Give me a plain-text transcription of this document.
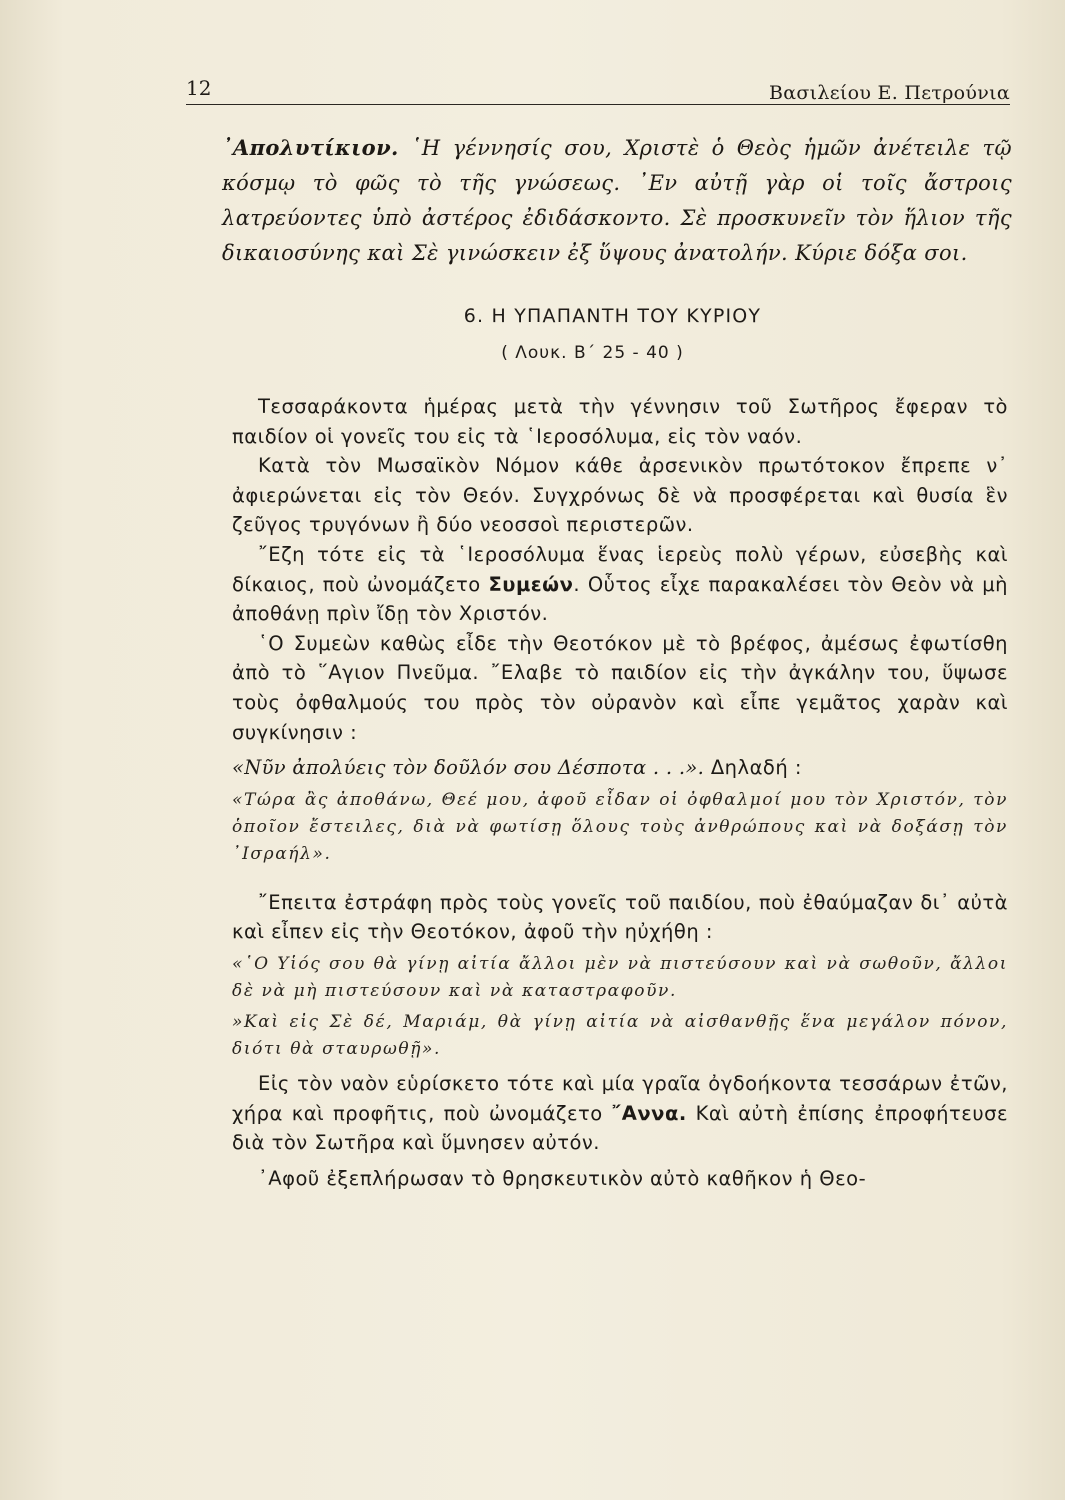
12	Βασιλείου Ε. Πετρούνια
᾿Απολυτίκιον. ῾Η γέννησίς σου, Χριστὲ ὁ Θεὸς ἡμῶν ἀνέτειλε τῷ κόσμῳ τὸ φῶς τὸ τῆς γνώσεως. ᾿Εν αὐτῇ γὰρ οἱ τοῖς ἄστροις λατρεύοντες ὑπὸ ἀστέρος ἐδιδάσκοντο. Σὲ προσκυνεῖν τὸν ἥλιον τῆς δικαιοσύνης καὶ Σὲ γινώσκειν ἐξ ὕψους ἀνατολήν. Κύριε δόξα σοι.
6. Η ΥΠΑΠΑΝΤΗ ΤΟΥ ΚΥΡΙΟΥ
( Λουκ. Β΄ 25 - 40 )

Τεσσαράκοντα ἡμέρας μετὰ τὴν γέννησιν τοῦ Σωτῆρος ἔφεραν τὸ παιδίον οἱ γονεῖς του εἰς τὰ ῾Ιεροσόλυμα, εἰς τὸν ναόν.

Κατὰ τὸν Μωσαϊκὸν Νόμον κάθε ἀρσενικὸν πρωτότοκον ἔπρεπε ν᾿ ἀφιερώνεται εἰς τὸν Θεόν. Συγχρόνως δὲ νὰ προσφέρεται καὶ θυσία ἓν ζεῦγος τρυγόνων ἢ δύο νεοσσοὶ περιστερῶν.

῎Εζη τότε εἰς τὰ ῾Ιεροσόλυμα ἕνας ἱερεὺς πολὺ γέρων, εὐσεβὴς καὶ δίκαιος, ποὺ ὠνομάζετο Συμεών. Οὗτος εἶχε παρακαλέσει τὸν Θεὸν νὰ μὴ ἀποθάνῃ πρὶν ἴδῃ τὸν Χριστόν.

῾Ο Συμεὼν καθὼς εἶδε τὴν Θεοτόκον μὲ τὸ βρέφος, ἀμέσως ἐφωτίσθη ἀπὸ τὸ ῞Αγιον Πνεῦμα. ῎Ελαβε τὸ παιδίον εἰς τὴν ἀγκάλην του, ὕψωσε τοὺς ὀφθαλμούς του πρὸς τὸν οὐρανὸν καὶ εἶπε γεμᾶτος χαρὰν καὶ συγκίνησιν :

«Νῦν ἀπολύεις τὸν δοῦλόν σου Δέσποτα . . .». Δηλαδή :

«Τώρα ἂς ἀποθάνω, Θεέ μου, ἀφοῦ εἶδαν οἱ ὀφθαλμοί μου τὸν Χριστόν, τὸν ὁποῖον ἔστειλες, διὰ νὰ φωτίσῃ ὅλους τοὺς ἀνθρώπους καὶ νὰ δοξάσῃ τὸν ᾿Ισραήλ».

῎Επειτα ἐστράφη πρὸς τοὺς γονεῖς τοῦ παιδίου, ποὺ ἐθαύμαζαν δι᾿ αὐτὰ καὶ εἶπεν εἰς τὴν Θεοτόκον, ἀφοῦ τὴν ηὐχήθη :

«῾Ο Υἱός σου θὰ γίνῃ αἰτία ἄλλοι μὲν νὰ πιστεύσουν καὶ νὰ σωθοῦν, ἄλλοι δὲ νὰ μὴ πιστεύσουν καὶ νὰ καταστραφοῦν.

»Καὶ εἰς Σὲ δέ, Μαριάμ, θὰ γίνῃ αἰτία νὰ αἰσθανθῇς ἕνα μεγάλον πόνον, διότι θὰ σταυρωθῇ».

Εἰς τὸν ναὸν εὑρίσκετο τότε καὶ μία γραῖα ὀγδοήκοντα τεσσάρων ἐτῶν, χήρα καὶ προφῆτις, ποὺ ὠνομάζετο ῎Αννα. Καὶ αὐτὴ ἐπίσης ἐπροφήτευσε διὰ τὸν Σωτῆρα καὶ ὕμνησεν αὐτόν.

᾿Αφοῦ ἐξεπλήρωσαν τὸ θρησκευτικὸν αὐτὸ καθῆκον ἡ Θεο-
